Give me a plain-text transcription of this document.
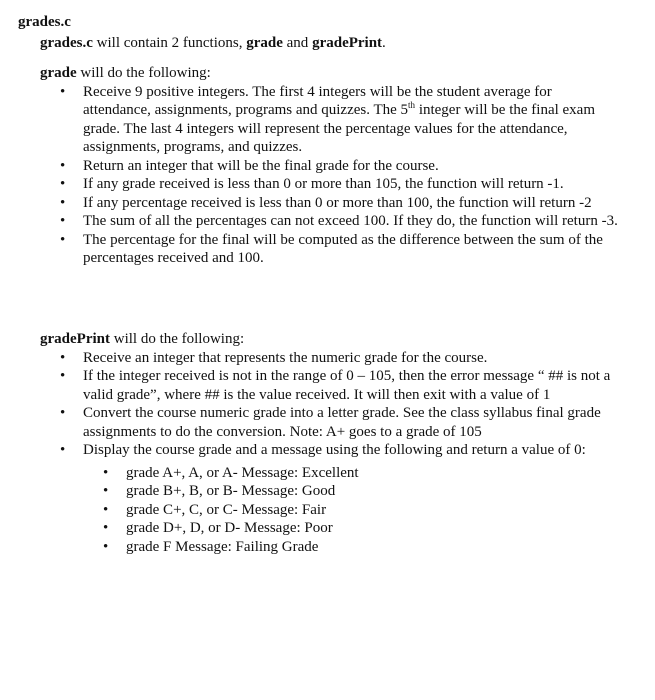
grades.c
grades.c will contain 2 functions, grade and gradePrint.
grade will do the following:
• Receive 9 positive integers. The first 4 integers will be the student average for attendance, assignments, programs and quizzes. The 5th integer will be the final exam grade. The last 4 integers will represent the percentage values for the attendance, assignments, programs, and quizzes.
• Return an integer that will be the final grade for the course.
• If any grade received is less than 0 or more than 105, the function will return -1.
• If any percentage received is less than 0 or more than 100, the function will return -2
• The sum of all the percentages can not exceed 100. If they do, the function will return -3.
• The percentage for the final will be computed as the difference between the sum of the percentages received and 100.
gradePrint will do the following:
• Receive an integer that represents the numeric grade for the course.
• If the integer received is not in the range of 0 – 105, then the error message “ ## is not a valid grade”, where ## is the value received. It will then exit with a value of 1
• Convert the course numeric grade into a letter grade. See the class syllabus final grade assignments to do the conversion. Note: A+ goes to a grade of 105
• Display the course grade and a message using the following and return a value of 0:
• grade A+, A, or A- Message: Excellent
• grade B+, B, or B- Message: Good
• grade C+, C, or C- Message: Fair
• grade D+, D, or D- Message: Poor
• grade F Message: Failing Grade
